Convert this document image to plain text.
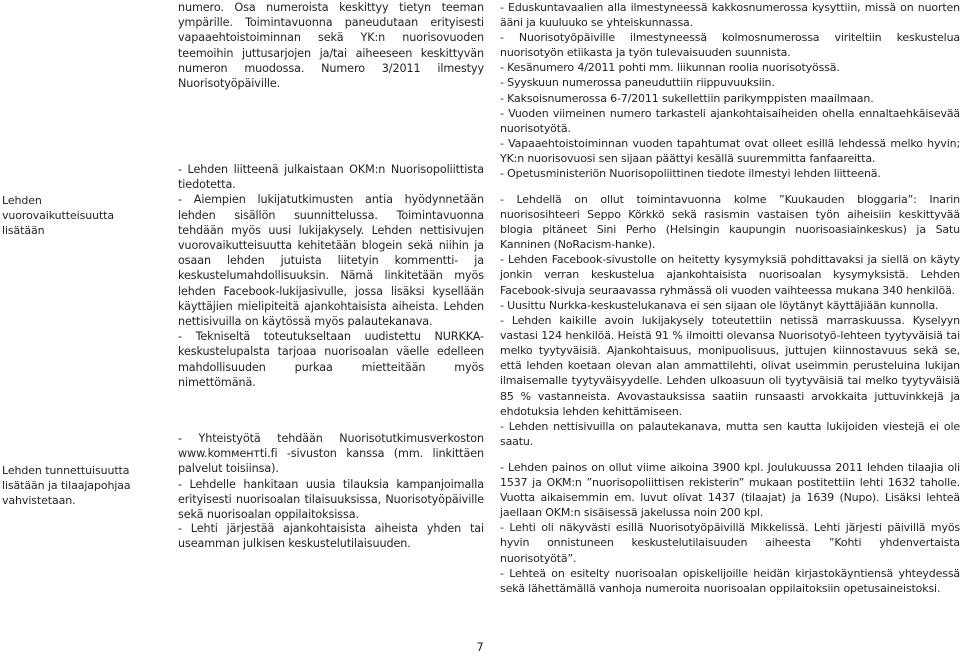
Lehden vuorovaikutteisuutta lisätään

Lehden tunnettuisuutta lisätään ja tilaajapohjaa vahvistetaan.

numero. Osa numeroista keskittyy tietyn teeman ympärille. Toimintavuonna paneudutaan erityisesti vapaaehtoistoiminnan sekä YK:n nuorisovuoden teemoihin juttusarjojen ja/tai aiheeseen keskittyvän numeron muodossa. Numero 3/2011 ilmestyy Nuorisotyöpäiville.

- Lehden liitteenä julkaistaan OKM:n Nuorisopoliittista tiedotetta.
- Aiempien lukijatutkimusten antia hyödynnetään lehden sisällön suunnittelussa. Toimintavuonna tehdään myös uusi lukijakysely. Lehden nettisivujen vuorovaikutteisuutta kehitetään blogein sekä niihin ja osaan lehden jutuista liitetyin kommentti- ja keskustelumahdollisuuksin. Nämä linkitetään myös lehden Facebook-lukijasivulle, jossa lisäksi kysellään käyttäjien mielipiteitä ajankohtaisista aiheista. Lehden nettisivuilla on käytössä myös palautekanava.
- Tekniseltä toteutukseltaan uudistettu NURKKA-keskustelupalsta tarjoaa nuorisoalan väelle edelleen mahdollisuuden purkaa mietteitään myös nimettömänä.

- Yhteistyötä tehdään Nuorisotutkimusverkoston www.komментti.fi -sivuston kanssa (mm. linkittäen palvelut toisiinsa).
- Lehdelle hankitaan uusia tilauksia kampanjoimalla erityisesti nuorisoalan tilaisuuksissa, Nuorisotyöpäiville sekä nuorisoalan oppilaitoksissa.

- Lehti järjestää ajankohtaisista aiheista yhden tai useamman julkisen keskustelutilaisuuden.

- Eduskuntavaalien alla ilmestyneessä kakkosnumerossa kysyttiin, missä on nuorten ääni ja kuuluuko se yhteiskunnassa.
- Nuorisotyöpäiville ilmestyneessä kolmosnumerossa viriteltiin keskustelua nuorisotyön etiikasta ja työn tulevaisuuden suunnista.
- Kesänumero 4/2011 pohti mm. liikunnan roolia nuorisotyössä.
- Syyskuun numerossa paneuduttiin riippuvuuksiin.
- Kaksoisnumerossa 6-7/2011 sukellettiin parikymppisten maailmaan.
- Vuoden viimeinen numero tarkasteli ajankohtaisaiheiden ohella ennaltaehkäisevää nuorisotyötä.
- Vapaaehtoistoiminnan vuoden tapahtumat ovat olleet esillä lehdessä melko hyvin; YK:n nuorisovuosi sen sijaan päättyi kesällä suuremmitta fanfaareitta.
- Opetusministeriön Nuorisopoliittinen tiedote ilmestyi lehden liitteenä.

- Lehdellä on ollut toimintavuonna kolme ”Kuukauden bloggaria”: Inarin nuorisosihteeri Seppo Körkkö sekä rasismin vastaisen työn aiheisiin keskittyvää blogia pitäneet Sini Perho (Helsingin kaupungin nuorisoasiainkeskus) ja Satu Kanninen (NoRacism-hanke).
- Lehden Facebook-sivustolle on heitetty kysymyksiä pohdittavaksi ja siellä on käyty jonkin verran keskustelua ajankohtaisista nuorisoalan kysymyksistä. Lehden Facebook-sivuja seuraavassa ryhmässä oli vuoden vaihteessa mukana 340 henkilöä.

- Uusittu Nurkka-keskustelukanava ei sen sijaan ole löytänyt käyttäjiään kunnolla.
- Lehden kaikille avoin lukijakysely toteutettiin netissä marraskuussa. Kyselyyn vastasi 124 henkilöä. Heistä 91 % ilmoitti olevansa Nuorisotyö-lehteen tyytyväisiä tai melko tyytyväisiä. Ajankohtaisuus, monipuolisuus, juttujen kiinnostavuus sekä se, että lehden koetaan olevan alan ammattilehti, olivat useimmin perusteluina lukijan ilmaisemalle tyytyväisyydelle. Lehden ulkoasuun oli tyytyväisiä tai melko tyytyväisiä 85 % vastanneista. Avovastauksissa saatiin runsaasti arvokkaita juttuvinkkejä ja ehdotuksia lehden kehittämiseen.
- Lehden nettisivuilla on palautekanava, mutta sen kautta lukijoiden viestejä ei ole saatu.

- Lehden painos on ollut viime aikoina 3900 kpl. Joulukuussa 2011 lehden tilaajia oli 1537 ja OKM:n ”nuorisopoliittisen rekisterin” mukaan postitettiin lehti 1632 taholle. Vuotta aikaisemmin em. luvut olivat 1437 (tilaajat) ja 1639 (Nupo). Lisäksi lehteä jaellaan OKM:n sisäisessä jakelussa noin 200 kpl.
- Lehti oli näkyvästi esillä Nuorisotyöpäivillä Mikkelissä. Lehti järjesti päivillä myös hyvin onnistuneen keskustelutilaisuuden aiheesta ”Kohti yhdenvertaista nuorisotyötä”.
- Lehteä on esitelty nuorisoalan opiskelijoille heidän kirjastokäyntiensä yhteydessä sekä lähettämällä vanhoja numeroita nuorisoalan oppilaitoksiin opetusaineistoksi.

7
